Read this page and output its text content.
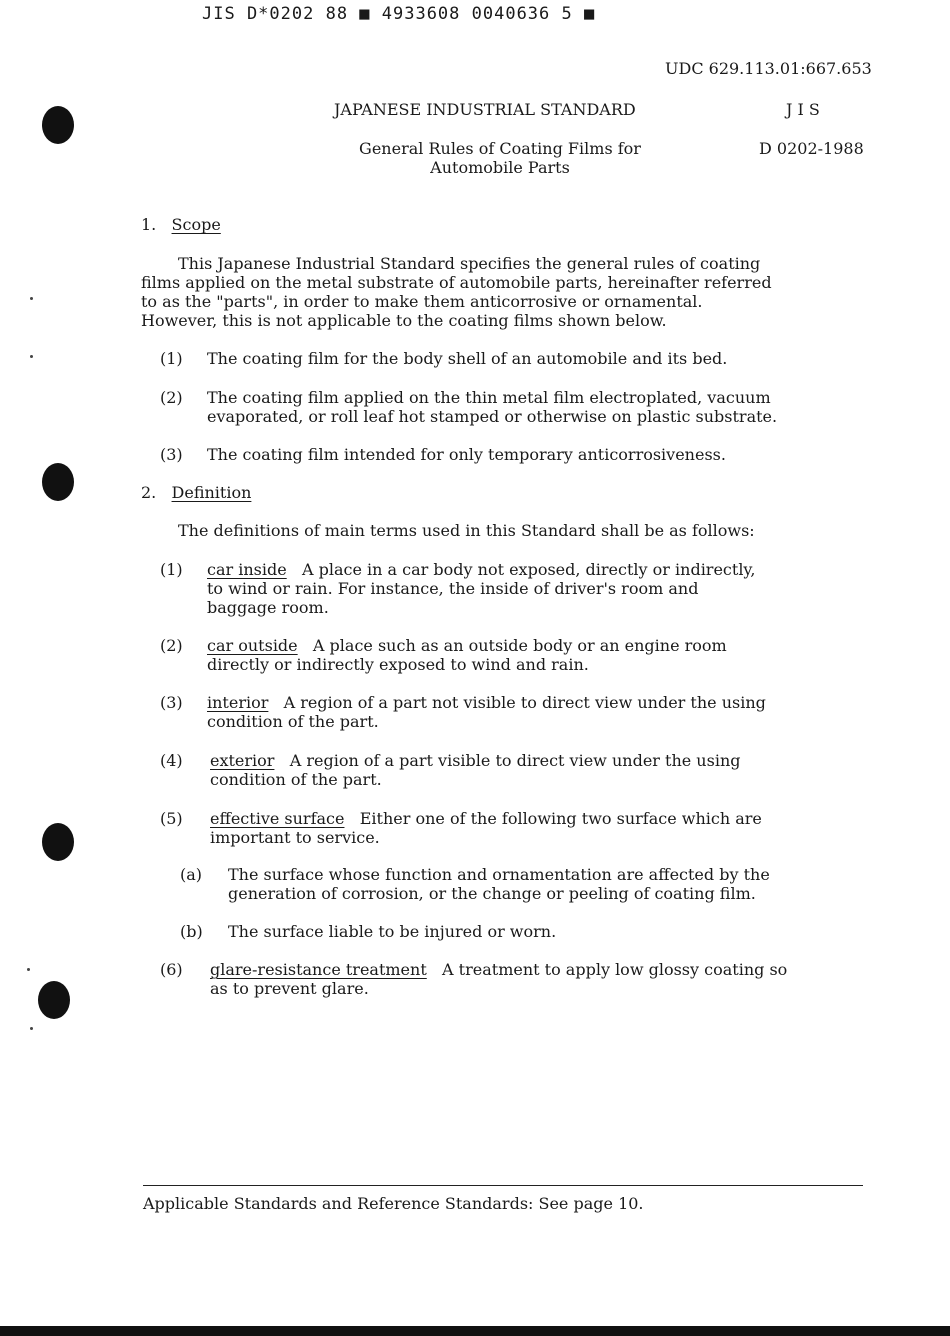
JIS D*0202 88 ■ 4933608 0040636 5 ■
UDC 629.113.01:667.653
JAPANESE INDUSTRIAL STANDARD	J I S
General Rules of Coating Films for
Automobile Parts
D 0202-1988
1. Scope
This Japanese Industrial Standard specifies the general rules of coating
films applied on the metal substrate of automobile parts, hereinafter referred
to as the "parts", in order to make them anticorrosive or ornamental.
However, this is not applicable to the coating films shown below.
(1) The coating film for the body shell of an automobile and its bed.
(2) The coating film applied on the thin metal film electroplated, vacuum
evaporated, or roll leaf hot stamped or otherwise on plastic substrate.
(3) The coating film intended for only temporary anticorrosiveness.
2. Definition
The definitions of main terms used in this Standard shall be as follows:
(1) car inside A place in a car body not exposed, directly or indirectly,
to wind or rain. For instance, the inside of driver's room and
baggage room.
(2) car outside A place such as an outside body or an engine room
directly or indirectly exposed to wind and rain.
(3) interior A region of a part not visible to direct view under the using
condition of the part.
(4) exterior A region of a part visible to direct view under the using
condition of the part.
(5) effective surface Either one of the following two surface which are
important to service.
(a) The surface whose function and ornamentation are affected by the
generation of corrosion, or the change or peeling of coating film.
(b) The surface liable to be injured or worn.
(6) glare-resistance treatment A treatment to apply low glossy coating so
as to prevent glare.
Applicable Standards and Reference Standards: See page 10.
